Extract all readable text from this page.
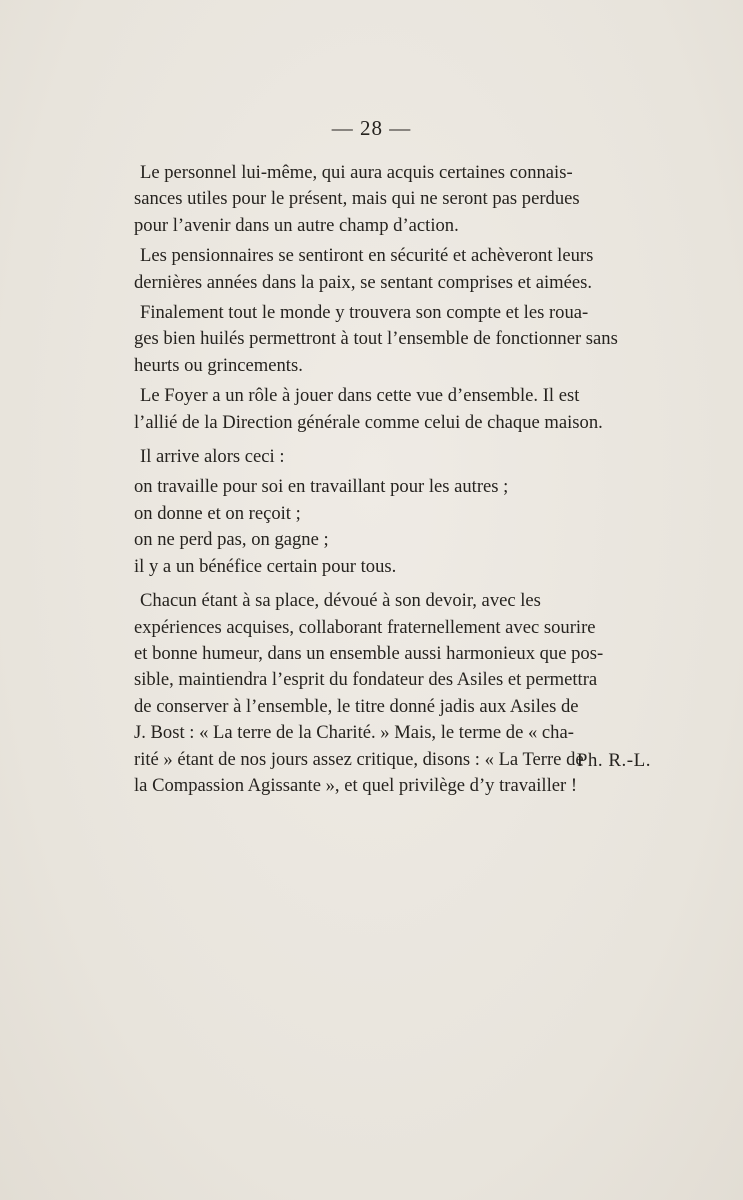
— 28 —

Le personnel lui-même, qui aura acquis certaines connais-
sances utiles pour le présent, mais qui ne seront pas perdues
pour l’avenir dans un autre champ d’action.

Les pensionnaires se sentiront en sécurité et achèveront leurs
dernières années dans la paix, se sentant comprises et aimées.

Finalement tout le monde y trouvera son compte et les roua-
ges bien huilés permettront à tout l’ensemble de fonctionner sans
heurts ou grincements.

Le Foyer a un rôle à jouer dans cette vue d’ensemble. Il est
l’allié de la Direction générale comme celui de chaque maison.

Il arrive alors ceci :

on travaille pour soi en travaillant pour les autres ;
on donne et on reçoit ;
on ne perd pas, on gagne ;
il y a un bénéfice certain pour tous.

Chacun étant à sa place, dévoué à son devoir, avec les
expériences acquises, collaborant fraternellement avec sourire
et bonne humeur, dans un ensemble aussi harmonieux que pos-
sible, maintiendra l’esprit du fondateur des Asiles et permettra
de conserver à l’ensemble, le titre donné jadis aux Asiles de
J. Bost : « La terre de la Charité. » Mais, le terme de « cha-
rité » étant de nos jours assez critique, disons : « La Terre de
la Compassion Agissante », et quel privilège d’y travailler !

Ph. R.-L.
